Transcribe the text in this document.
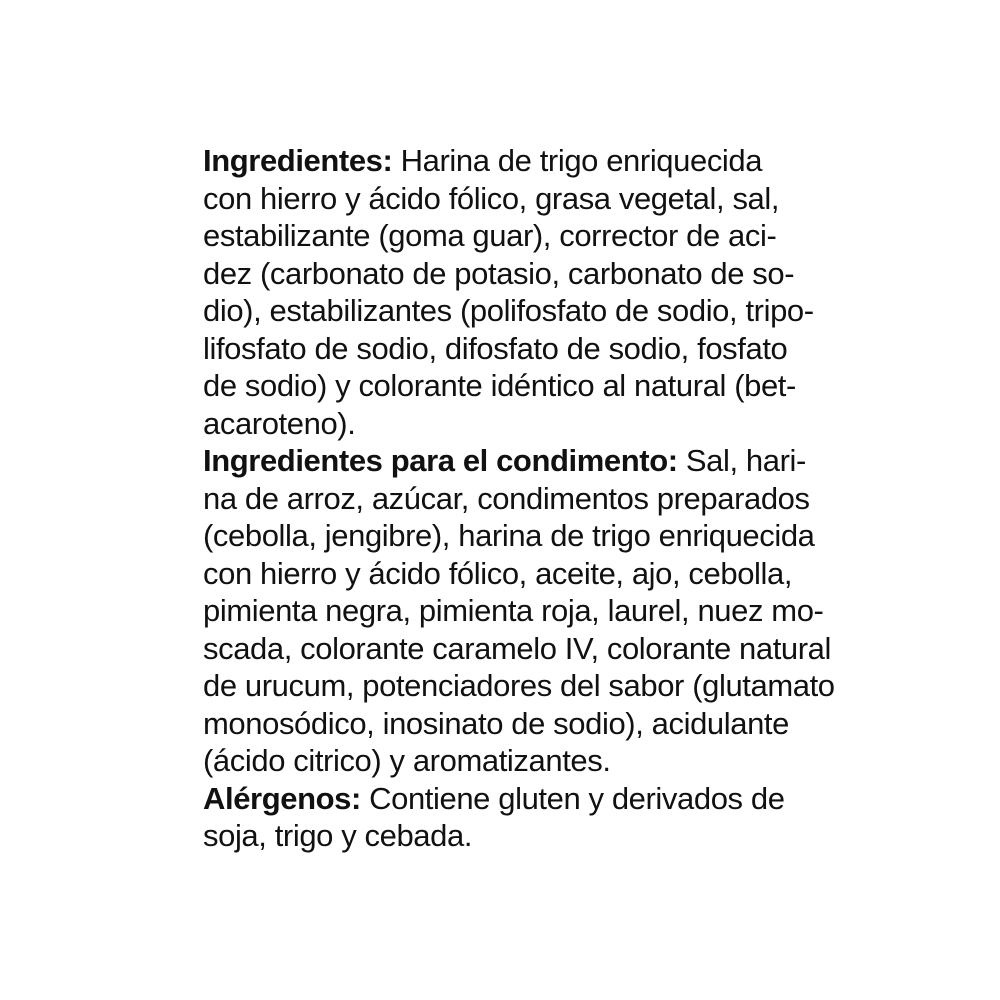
Ingredientes: Harina de trigo enriquecida
con hierro y ácido fólico, grasa vegetal, sal,
estabilizante (goma guar), corrector de aci-
dez (carbonato de potasio, carbonato de so-
dio), estabilizantes (polifosfato de sodio, tripo-
lifosfato de sodio, difosfato de sodio, fosfato
de sodio) y colorante idéntico al natural (bet-
acaroteno).
Ingredientes para el condimento: Sal, hari-
na de arroz, azúcar, condimentos preparados
(cebolla, jengibre), harina de trigo enriquecida
con hierro y ácido fólico, aceite, ajo, cebolla,
pimienta negra, pimienta roja, laurel, nuez mo-
scada, colorante caramelo IV, colorante natural
de urucum, potenciadores del sabor (glutamato
monosódico, inosinato de sodio), acidulante
(ácido citrico) y aromatizantes.
Alérgenos: Contiene gluten y derivados de
soja, trigo y cebada.
